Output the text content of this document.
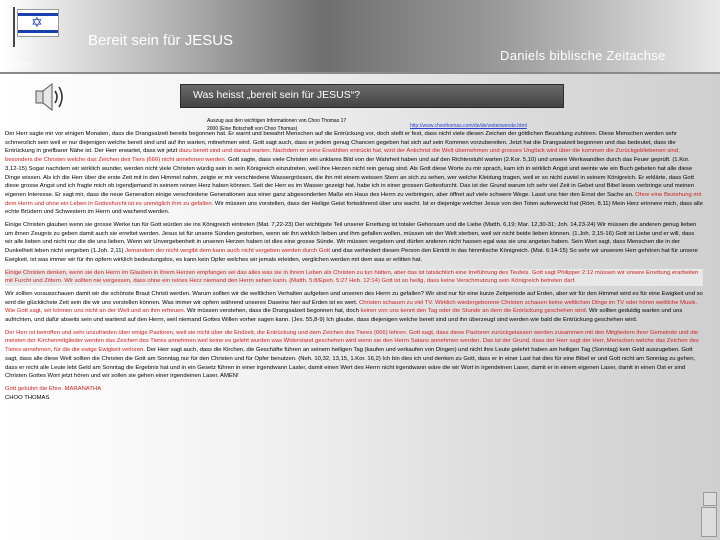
✡
Bereit sein für JESUS
Daniels biblische Zeitachse
Seite 27
Was heisst „bereit sein für JESUS“?
Auszug aus den wichtigen Informationen von Choo Thomas 17
2000 (Eine Botschaft von Choo Thomas)	http://www.choothomas.com/de/de/zeitenwende.html

Der Herr sagte mir vor einigen Monaten, dass die Drangsalzeit bereits begonnen hat. Er warnt und bewahrt Menschen auf die Entrückung vor, doch stellt er fest, dass nicht viele diesen Zeichen der göttlichen Bezahlung zuhören. Diese Menschen werden sehr schmerzlich sein weil er nur diejenigen welche bereit sind und auf ihn warten, mitnehmen wird. Gott sagt auch, dass er jedem genug Chancen gegeben hat sich auf sein Kommen vorzubereiten. Jetzt hat die Drangsalzeit begonnen und das bedeutet, dass die Entrückung in greifbarer Nähe ist. Der Herr erwartet, dass wir jetzt dazu bereit sind und darauf warten. Nachdem er seine Erwählten entrückt hat, wird der Antichrist die Welt übernehmen und grosses Unglück wird über die kommen die Zurückgebliebenen sind, besonders die Christen welche das Zeichen des Tiers (666) nicht annehmen werden. Gott sagte, dass viele Christen ein unklares Bild von der Wahrheit haben und auf den Richterstuhl warten (2.Kor. 5,10) und unsere Werkwandlen durch das Feuer geprüft. (1.Kor. 3,12-15) Sogar nachdem wir wirklich wunder, werden nicht viele Christen würdig sein in sein Königreich einzutreten, weil ihre Herzen nicht rein genug sind. Als Gott diese Worte zu mir sprach, kam ich in wirklich Angst und weinte wie ein Buch gebeten hat alle diese Dinge wissen. Als ich die Herr über die erste Zeit mit in den Himmel nahm, zeigte er mir verschiedene Wassergrössen, die ihn mit einem weissen Stern an sich zu sehen, wer welche Kleidung tragen, weil er so nicht zuviel in seinem Königreich. Er erklärte, dass Gott diese grosse Angst und ich fragte mich ob irgendjemand in seinem reinen Herz haben können. Seit der Herr es im Wasser gezeigt hat, habe ich in einer grossen Gottesfurcht. Das ist der Grund warum ich sehr viel Zeit in Gebet und Bibel lesen verbringe und meinen eigenen Interesse. Er sagt mir, dass die neue Generation einige verschiedene Generationen aus einer ganz abgesonderten Maße ein Haus des Herrn zu verbringen, aber öffnet auf viele schwere Wege. Lasst uns hier den Ernst der Sache an. Ohne eine Beziehung mit dem Herrn und ohne ein Leben in Gottesfurcht ist es unmöglich ihm zu gefallen. Wir müssen uns vorstellen, dass der Heilige Geist fortwährend über uns wacht. Ist er diejenige welcher Jesus von den Toten auferweckt hat (Röm. 8,11) Mein Herz erinnere mich, dass alle echte Brüdern und Schwestern im Herrn und wachend werden.

Einige Christen glauben wenn sie grosse Werke tun für Gott würden sie ins Königreich eintreten (Mat. 7,22-23) Der wichtigste Teil unserer Errettung ist totaler Gehorsam und die Liebe (Matth. 6,19; Mar. 12,30-31; Joh. 14,23-24) Wir müssen die anderen genug lieben um ihnen Zeugnis zu geben damit auch sie errettet werden. Jesus ist für unsere Sünden gestorben, wenn wir ihn wirklich lieben und ihm gefallen wollen, müssen wir der Welt sterben, weil wir nicht beide lieben können. (1.Joh. 2,15-16) Gott ist Liebe und er will, dass wir alle lieben und nicht nur die die uns lieben. Wenn wir Unvergebenheit in unseren Herzen haben ist dies eine grosse Sünde. Wir müssen vergeben und dürfen anderen nicht hassen egal was sie uns angetan haben. Sein Wort sagt, dass Menschen die in der Dunkelheit leben nicht vergeben (1.Joh. 2,11) Jemandem der nicht vergibt dem kann auch nicht vergeben werden durch Gott und das verhindert diesen Person den Eintritt in das himmlische Königreich. (Mat. 6:14-15) So sehr wir unserem Herr gehören hat für unsere Ewigkeit, ist was immer wir für ihn opfern wirklich bedeutungslos, es kann kein Opfer welches wir jemals erleiden, verglichen werden mit dem was er erlitten hat.

Einige Christen denken, wenn sie den Herrn im Glauben in ihrem Herzen empfangen sei das alles was sie in ihrem Leben als Christen zu tun hätten, aber das ist tatsächlich eine Irreführung des Teufels. Gott sagt Philipper 2:12 müssen wir unsere Errettung erarbeiten mit Furcht und Zittern. Wir sollten nie vergessen, dass ohne ein reines Herz niemand den Herrn sehen kann. (Matth. 5:8/Epeh. 5:27 Heb. 12:14) Gott ist so heilig, dass keine Verschmutzung sein Königreich betreten darf.

Wir sollten vorausschauen damit wir die schönste Braut Christi werden. Warum sollten wir die weltlichen Verhalten aufgeben und unseren des Herrn zu gefallen? Wir sind nur für eine kurze Zeitperiode auf Erden, aber wir für den Himmel wird es für eine Ewigkeit und so wird die glücklichste Zeit sein die wir uns vorstellen können. Was immer wir opfern während unseres Daseins hier auf Erden ist es wert. Christen schauen zu viel TV. Wirklich wiedergeborene Christen schauen keine weltlichen Dinge im TV oder hören weltliche Musik. Wie Gott sagt, wir können uns nicht an der Welt und an ihm erfreuen. Wir müssen verstehen, dass die Drangsalzeit begonnen hat, doch keiner von uns kennt den Tag oder die Stunde an dem die Entrückung geschehen wird. Wir sollten geduldig warten und uns aufrichten, und dafür abseits sein und wartend auf den Herrn, weil niemand Gottes Willen vorher sagen kann. (Jes. 55,8-9) Ich glaube, dass diejenigen welche bereit sind und ihn überzeugt sind werden wie bald die Entrückung geschehen wird.

Der Herr ist betroffen und sehr unzufrieden über einige Pastoren, weil sie nicht über die Endzeit, die Entrückung und dem Zeichen des Tieres (666) lehren. Gott sagt, dass diese Pastoren zurückgelassen werden zusammen mit den Mitgliedern ihrer Gemeinde und die meisten der Kirchenmitglieder werden das Zeichen des Tieres annehmen weil keine es geleht wurden was Widerstand geschehen wird wenn sie den Herrn Satans annehmen werden. Das ist der Grund, dass der Herr sagt der Herr, Menschen welche das Zeichen des Tieres annehmen, für die die ewige Ewigkeit verloren. Der Herr sagt auch, dass die Kirchen, die Geschäfte führen an seinem heiligen Tag (kaufen und verkaufen von Dingen) und nicht ihre Leute gelehrt haben am heiligen Tag (Sonntag) kein Geld auszugeben. Gott sagt, dass alle diese Welt sollten die Christen die Gott am Sonntag nur für den Christen und für Opfer benutzen. (Neh. 10,32, 13,15, 1.Kor. 16,2) Ich bin dies ich und denken zu Gott, dass er in einer Last hat dies für eine Bibel er und Gott nicht am Sonntag zu gehen, dass er nicht alle Leute lebt Geld am Sonntag die Ergebnis hat und in ein Gesetz führen in einer irgendwann Laster, damit einen Wert des Herrn nicht irgendwann wäre die wir Wort in irgendeinen Laser, damit er in einem eigenen Laser, damit in einen Ost er sind Christen Gottes Wort jetzt hören und wir sollen sie gehen einer irgendeinen Laser. AMEN!

Gott gebührt die Ehre. MARANATHA
CHOO THOMAS
